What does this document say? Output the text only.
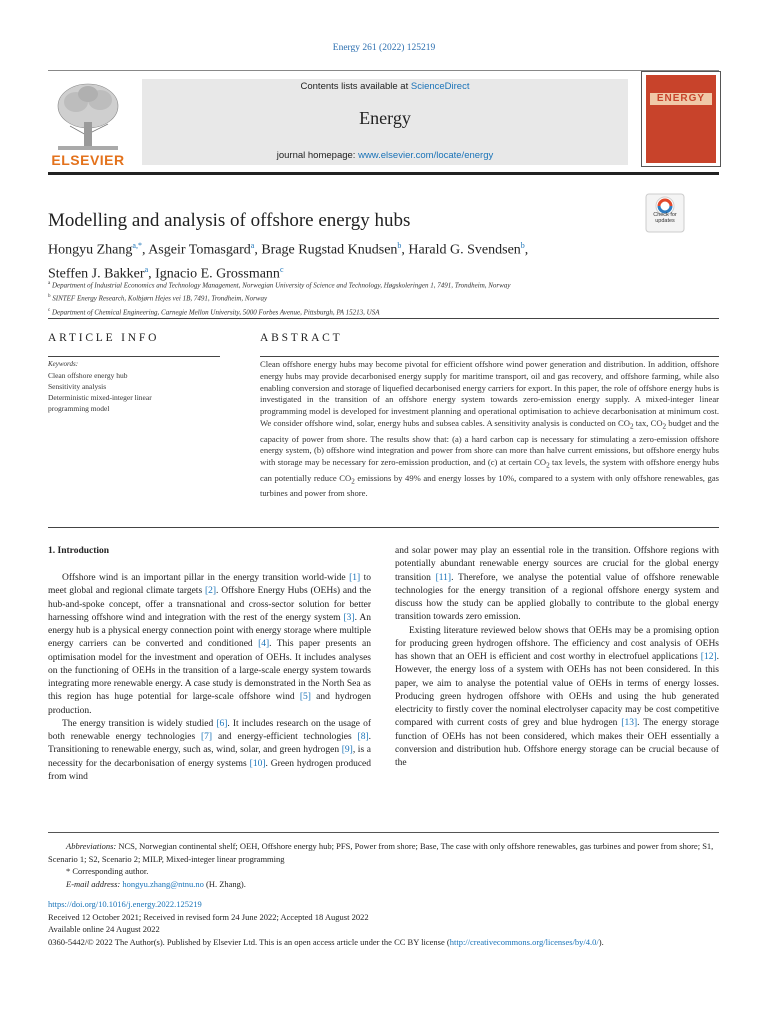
Energy 261 (2022) 125219
ELSEVIER
Contents lists available at ScienceDirect
Energy
journal homepage: www.elsevier.com/locate/energy
ENERGY
Modelling and analysis of offshore energy hubs	Check for
updates
Hongyu Zhang$^{a,*}$, Asgeir Tomasgard$^a$, Brage Rugstad Knudsen$^b$, Harald G. Svendsen$^b$,
Steffen J. Bakker$^a$, Ignacio E. Grossmann$^c$
$^a$ Department of Industrial Economics and Technology Management, Norwegian University of Science and Technology, Høgskoleringen 1, 7491, Trondheim, Norway
$^b$ SINTEF Energy Research, Kolbjørn Hejes vei 1B, 7491, Trondheim, Norway
$^c$ Department of Chemical Engineering, Carnegie Mellon University, 5000 Forbes Avenue, Pittsburgh, PA 15213, USA
ARTICLE INFO	ABSTRACT
Keywords:
Clean offshore energy hub
Sensitivity analysis
Deterministic mixed-integer linear
programming model
Clean offshore energy hubs may become pivotal for efficient offshore wind power generation and distribution. In addition, offshore energy hubs may provide decarbonised energy supply for maritime transport, oil and gas recovery, and offshore farming, while also enabling conversion and storage of liquefied decarbonised energy carriers for export. In this paper, the role of offshore energy hubs is investigated in the transition of an offshore energy system towards zero-emission energy supply. A mixed-integer linear programming model is developed for investment planning and operational optimisation to achieve decarbonisation at minimum cost. We consider offshore wind, solar, energy hubs and subsea cables. A sensitivity analysis is conducted on $CO_2$ tax, $CO_2$ budget and the capacity of power from shore. The results show that: (a) a hard carbon cap is necessary for stimulating a zero-emission offshore energy system, (b) offshore wind integration and power from shore can more than halve current emissions, but offshore energy hubs with storage may be necessary for zero-emission production, and (c) at certain $CO_2$ tax levels, the system with offshore energy hubs can potentially reduce $CO_2$ emissions by 49% and energy losses by 10%, compared to a system with only offshore renewables, gas turbines and power from shore.
1. Introduction

Offshore wind is an important pillar in the energy transition world-wide [1] to meet global and regional climate targets [2]. Offshore Energy Hubs (OEHs) and the hub-and-spoke concept, offer a transnational and cross-sector solution for better harnessing offshore wind and integration with the rest of the energy system [3]. An energy hub is a physical energy connection point with energy storage where multiple energy carriers can be converted and conditioned [4]. This paper presents an optimisation model for the investment and operation of OEHs. It includes analyses on the functioning of OEHs in the transition of a large-scale energy system towards integrating more renewable energy. A case study is demonstrated in the North Sea as this region has huge potential for large-scale offshore wind [5] and hydrogen production.

The energy transition is widely studied [6]. It includes research on the usage of both renewable energy technologies [7] and energy-efficient technologies [8]. Transitioning to renewable energy, such as, wind, solar, and green hydrogen [9], is a necessity for the decarbonisation of energy systems [10]. Green hydrogen produced from wind

and solar power may play an essential role in the transition. Offshore regions with potentially abundant renewable energy sources are crucial for the global energy transition [11]. Therefore, we analyse the potential value of offshore renewable technologies for the energy transition of a regional offshore energy system and discuss how the study can be applied globally to contribute to the global energy transition towards zero emission.

Existing literature reviewed below shows that OEHs may be a promising option for producing green hydrogen offshore. The efficiency and cost analysis of OEHs has shown that an OEH is efficient and cost worthy in electrofuel applications [12]. However, the energy loss of a system with OEHs has not been considered. In this paper, we aim to analyse the potential value of OEHs in terms of energy losses. Producing green hydrogen offshore with OEHs and using the hub generated electricity to firstly cover the nominal electrolyser capacity may be cost competitive compared with current costs of grey and blue hydrogen [13]. The energy storage function of OEHs has not been considered, which makes their OEH essentially a conversion and distribution hub. Offshore energy storage can be crucial because of the

Abbreviations: NCS, Norwegian continental shelf; OEH, Offshore energy hub; PFS, Power from shore; Base, The case with only offshore renewables, gas turbines and power from shore; S1, Scenario 1; S2, Scenario 2; MILP, Mixed-integer linear programming

* Corresponding author.

E-mail address: hongyu.zhang@ntnu.no (H. Zhang).

https://doi.org/10.1016/j.energy.2022.125219

Received 12 October 2021; Received in revised form 24 June 2022; Accepted 18 August 2022

Available online 24 August 2022

0360-5442/© 2022 The Author(s). Published by Elsevier Ltd. This is an open access article under the CC BY license (http://creativecommons.org/licenses/by/4.0/).
